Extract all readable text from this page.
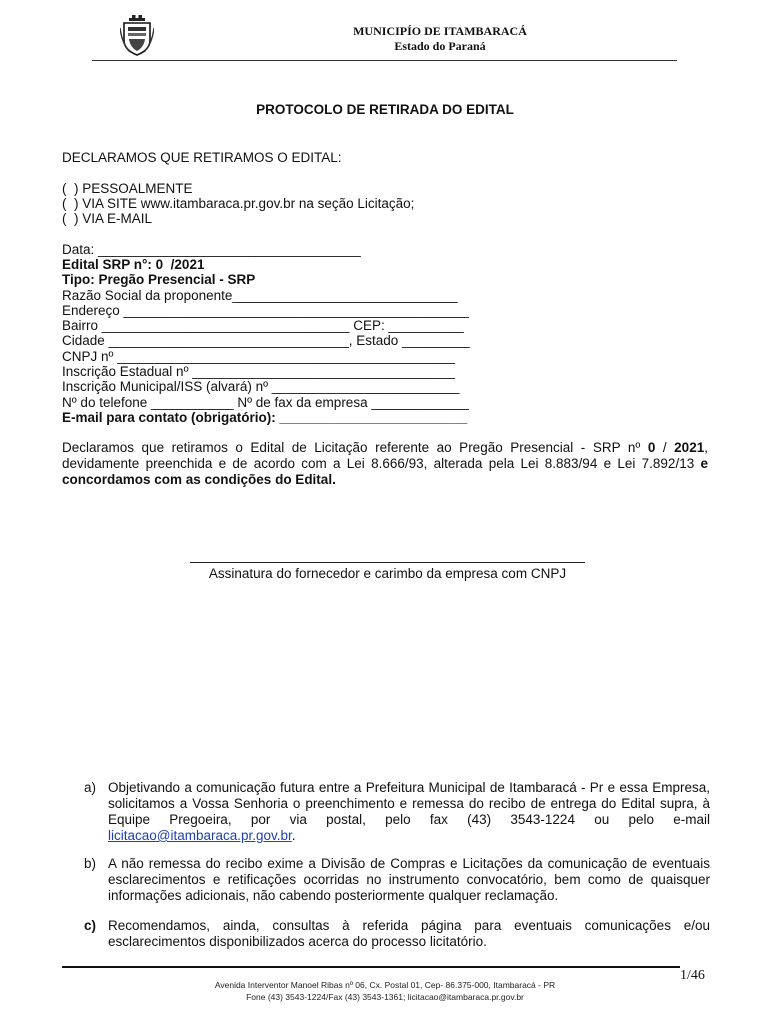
MUNICIPÍO DE ITAMBARACÁ
Estado do Paraná
PROTOCOLO DE RETIRADA DO EDITAL
DECLARAMOS QUE RETIRAMOS O EDITAL:
(  ) PESSOALMENTE
(  ) VIA SITE www.itambaraca.pr.gov.br na seção Licitação;
(  ) VIA E-MAIL
Data: ___________________________________
Edital SRP n°: 0  /2021
Tipo: Pregão Presencial - SRP
Razão Social da proponente______________________________
Endereço ______________________________________________
Bairro _________________________________ CEP: __________
Cidade ________________________________, Estado _________
CNPJ nº _____________________________________________
Inscrição Estadual nº ___________________________________
Inscrição Municipal/ISS (alvará) nº _________________________
Nº do telefone ___________ Nº de fax da empresa _____________
E-mail para contato (obrigatório): _________________________
Declaramos que retiramos o Edital de Licitação referente ao Pregão Presencial - SRP nº 0 / 2021, devidamente preenchida e de acordo com a Lei 8.666/93, alterada pela Lei 8.883/94 e Lei 7.892/13 e concordamos com as condições do Edital.
Assinatura do fornecedor e carimbo da empresa com CNPJ
a) Objetivando a comunicação futura entre a Prefeitura Municipal de Itambaracá - Pr e essa Empresa, solicitamos a Vossa Senhoria o preenchimento e remessa do recibo de entrega do Edital supra, à Equipe Pregoeira, por via postal, pelo fax (43) 3543-1224 ou pelo e-mail licitacao@itambaraca.pr.gov.br.
b) A não remessa do recibo exime a Divisão de Compras e Licitações da comunicação de eventuais esclarecimentos e retificações ocorridas no instrumento convocatório, bem como de quaisquer informações adicionais, não cabendo posteriormente qualquer reclamação.
c) Recomendamos, ainda, consultas à referida página para eventuais comunicações e/ou esclarecimentos disponibilizados acerca do processo licitatório.
1/46
Avenida Interventor Manoel Ribas nº 06, Cx. Postal 01, Cep- 86.375-000, Itambaracá - PR
Fone (43) 3543-1224/Fax (43) 3543-1361; licitacao@itambaraca.pr.gov.br
